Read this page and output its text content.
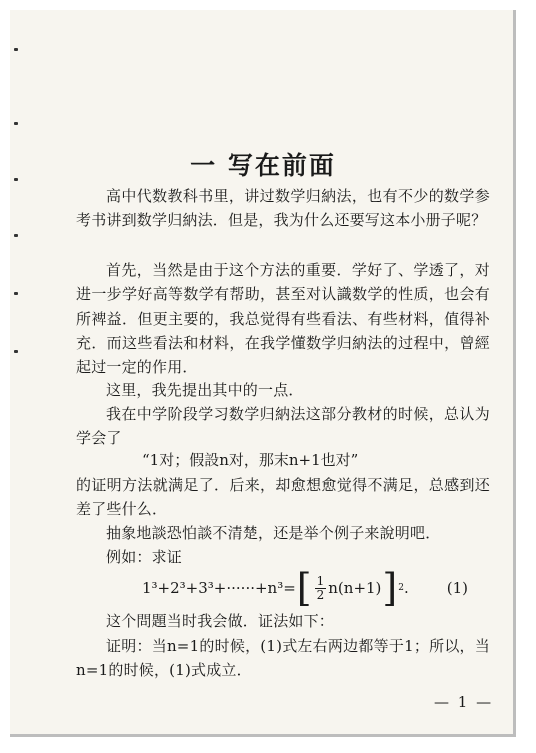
一 写在前面
高中代数教科书里，讲过数学归納法，也有不少的数学参考书讲到数学归納法．但是，我为什么还要写这本小册子呢？
首先，当然是由于这个方法的重要．学好了、学透了，对进一步学好高等数学有帮助，甚至对认識数学的性质，也会有所裨益．但更主要的，我总觉得有些看法、有些材料，值得补充．而这些看法和材料，在我学懂数学归納法的过程中，曾經起过一定的作用．
这里，我先提出其中的一点．
我在中学阶段学习数学归納法这部分教材的时候，总认为学会了
“1对；假設n对，那末n+1也对”
的证明方法就满足了．后来，却愈想愈觉得不满足，总感到还差了些什么．
抽象地談恐怕談不清楚，还是举个例子来說明吧．
例如：求证
1³+2³+3³+······+n³= [ $\frac{1}{2} n(n+1)$ ] 2 .	(1)
这个問題当时我会做．证法如下：
证明：当n=1的时候，(1)式左右两边都等于1；所以，当n=1的时候，(1)式成立．
— 1 —
